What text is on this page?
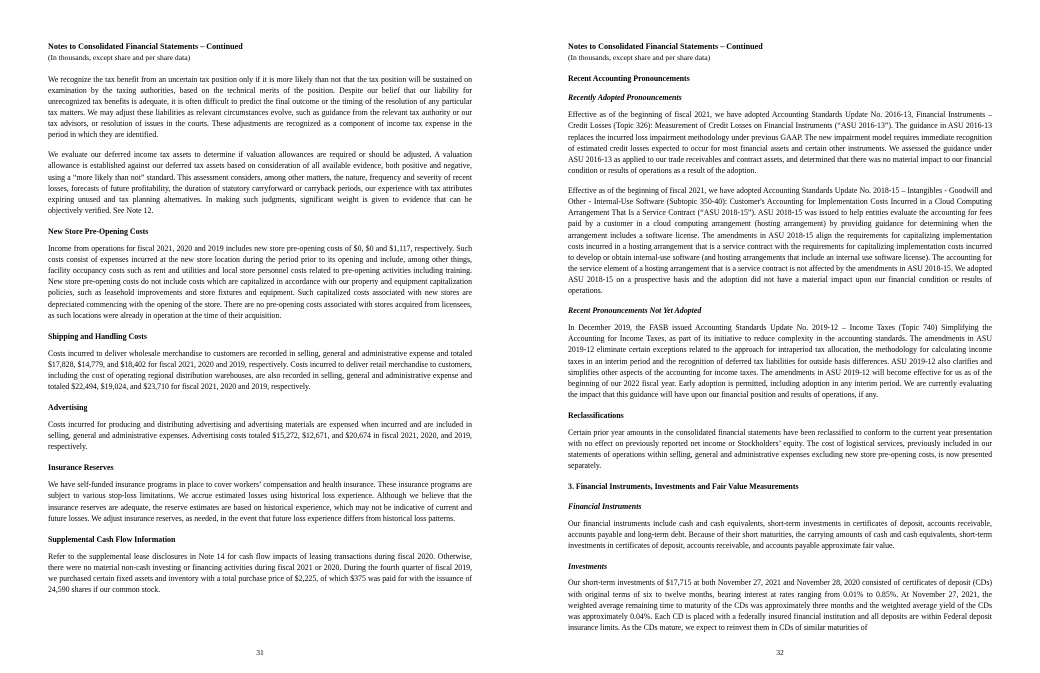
Notes to Consolidated Financial Statements – Continued
(In thousands, except share and per share data)

We recognize the tax benefit from an uncertain tax position only if it is more likely than not that the tax position will be sustained on examination by the taxing authorities, based on the technical merits of the position. Despite our belief that our liability for unrecognized tax benefits is adequate, it is often difficult to predict the final outcome or the timing of the resolution of any particular tax matters. We may adjust these liabilities as relevant circumstances evolve, such as guidance from the relevant tax authority or our tax advisors, or resolution of issues in the courts. These adjustments are recognized as a component of income tax expense in the period in which they are identified.

We evaluate our deferred income tax assets to determine if valuation allowances are required or should be adjusted. A valuation allowance is established against our deferred tax assets based on consideration of all available evidence, both positive and negative, using a “more likely than not” standard. This assessment considers, among other matters, the nature, frequency and severity of recent losses, forecasts of future profitability, the duration of statutory carryforward or carryback periods, our experience with tax attributes expiring unused and tax planning alternatives. In making such judgments, significant weight is given to evidence that can be objectively verified. See Note 12.

New Store Pre-Opening Costs

Income from operations for fiscal 2021, 2020 and 2019 includes new store pre-opening costs of $0, $0 and $1,117, respectively. Such costs consist of expenses incurred at the new store location during the period prior to its opening and include, among other things, facility occupancy costs such as rent and utilities and local store personnel costs related to pre-opening activities including training. New store pre-opening costs do not include costs which are capitalized in accordance with our property and equipment capitalization policies, such as leasehold improvements and store fixtures and equipment. Such capitalized costs associated with new stores are depreciated commencing with the opening of the store. There are no pre-opening costs associated with stores acquired from licensees, as such locations were already in operation at the time of their acquisition.

Shipping and Handling Costs

Costs incurred to deliver wholesale merchandise to customers are recorded in selling, general and administrative expense and totaled $17,828, $14,779, and $18,402 for fiscal 2021, 2020 and 2019, respectively. Costs incurred to deliver retail merchandise to customers, including the cost of operating regional distribution warehouses, are also recorded in selling, general and administrative expense and totaled $22,494, $19,024, and $23,710 for fiscal 2021, 2020 and 2019, respectively.

Advertising

Costs incurred for producing and distributing advertising and advertising materials are expensed when incurred and are included in selling, general and administrative expenses. Advertising costs totaled $15,272, $12,671, and $20,674 in fiscal 2021, 2020, and 2019, respectively.

Insurance Reserves

We have self-funded insurance programs in place to cover workers’ compensation and health insurance. These insurance programs are subject to various stop-loss limitations. We accrue estimated losses using historical loss experience. Although we believe that the insurance reserves are adequate, the reserve estimates are based on historical experience, which may not be indicative of current and future losses. We adjust insurance reserves, as needed, in the event that future loss experience differs from historical loss patterns.

Supplemental Cash Flow Information

Refer to the supplemental lease disclosures in Note 14 for cash flow impacts of leasing transactions during fiscal 2020. Otherwise, there were no material non-cash investing or financing activities during fiscal 2021 or 2020. During the fourth quarter of fiscal 2019, we purchased certain fixed assets and inventory with a total purchase price of $2,225, of which $375 was paid for with the issuance of 24,590 shares if our common stock.

31
Notes to Consolidated Financial Statements – Continued
(In thousands, except share and per share data)
Recent Accounting Pronouncements
Recently Adopted Pronouncements

Effective as of the beginning of fiscal 2021, we have adopted Accounting Standards Update No. 2016-13, Financial Instruments – Credit Losses (Topic 326): Measurement of Credit Losses on Financial Instruments (“ASU 2016-13”). The guidance in ASU 2016-13 replaces the incurred loss impairment methodology under previous GAAP. The new impairment model requires immediate recognition of estimated credit losses expected to occur for most financial assets and certain other instruments. We assessed the guidance under ASU 2016-13 as applied to our trade receivables and contract assets, and determined that there was no material impact to our financial condition or results of operations as a result of the adoption.

Effective as of the beginning of fiscal 2021, we have adopted Accounting Standards Update No. 2018-15 – Intangibles - Goodwill and Other - Internal-Use Software (Subtopic 350-40): Customer's Accounting for Implementation Costs Incurred in a Cloud Computing Arrangement That Is a Service Contract (“ASU 2018-15”). ASU 2018-15 was issued to help entities evaluate the accounting for fees paid by a customer in a cloud computing arrangement (hosting arrangement) by providing guidance for determining when the arrangement includes a software license. The amendments in ASU 2018-15 align the requirements for capitalizing implementation costs incurred in a hosting arrangement that is a service contract with the requirements for capitalizing implementation costs incurred to develop or obtain internal-use software (and hosting arrangements that include an internal use software license). The accounting for the service element of a hosting arrangement that is a service contract is not affected by the amendments in ASU 2018-15. We adopted ASU 2018-15 on a prospective basis and the adoption did not have a material impact upon our financial condition or results of operations.

Recent Pronouncements Not Yet Adopted

In December 2019, the FASB issued Accounting Standards Update No. 2019-12 – Income Taxes (Topic 740) Simplifying the Accounting for Income Taxes, as part of its initiative to reduce complexity in the accounting standards. The amendments in ASU 2019-12 eliminate certain exceptions related to the approach for intraperiod tax allocation, the methodology for calculating income taxes in an interim period and the recognition of deferred tax liabilities for outside basis differences. ASU 2019-12 also clarifies and simplifies other aspects of the accounting for income taxes. The amendments in ASU 2019-12 will become effective for us as of the beginning of our 2022 fiscal year. Early adoption is permitted, including adoption in any interim period. We are currently evaluating the impact that this guidance will have upon our financial position and results of operations, if any.

Reclassifications

Certain prior year amounts in the consolidated financial statements have been reclassified to conform to the current year presentation with no effect on previously reported net income or Stockholders’ equity. The cost of logistical services, previously included in our statements of operations within selling, general and administrative expenses excluding new store pre-opening costs, is now presented separately.

3. Financial Instruments, Investments and Fair Value Measurements
Financial Instruments

Our financial instruments include cash and cash equivalents, short-term investments in certificates of deposit, accounts receivable, accounts payable and long-term debt. Because of their short maturities, the carrying amounts of cash and cash equivalents, short-term investments in certificates of deposit, accounts receivable, and accounts payable approximate fair value.

Investments

Our short-term investments of $17,715 at both November 27, 2021 and November 28, 2020 consisted of certificates of deposit (CDs) with original terms of six to twelve months, bearing interest at rates ranging from 0.01% to 0.85%. At November 27, 2021, the weighted average remaining time to maturity of the CDs was approximately three months and the weighted average yield of the CDs was approximately 0.04%. Each CD is placed with a federally insured financial institution and all deposits are within Federal deposit insurance limits. As the CDs mature, we expect to reinvest them in CDs of similar maturities of

32
